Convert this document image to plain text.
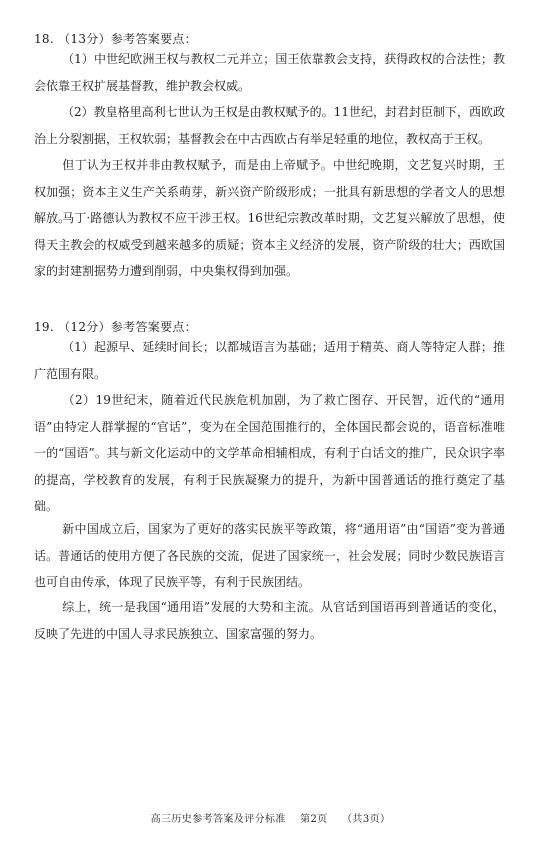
18. （13分）参考答案要点：
（1）中世纪欧洲王权与教权二元并立；国王依靠教会支持，获得政权的合法性；教会依靠王权扩展基督教，维护教会权威。
（2）教皇格里高利七世认为王权是由教权赋予的。11世纪，封君封臣制下，西欧政治上分裂割据，王权软弱；基督教会在中古西欧占有举足轻重的地位，教权高于王权。
但丁认为王权并非由教权赋予，而是由上帝赋予。中世纪晚期，文艺复兴时期，王权加强；资本主义生产关系萌芽，新兴资产阶级形成；一批具有新思想的学者文人的思想解放。
马丁·路德认为教权不应干涉王权。16世纪宗教改革时期，文艺复兴解放了思想，使得天主教会的权威受到越来越多的质疑；资本主义经济的发展，资产阶级的壮大；西欧国家的封建割据势力遭到削弱，中央集权得到加强。
19. （12分）参考答案要点：
（1）起源早、延续时间长；以都城语言为基础；适用于精英、商人等特定人群；推广范围有限。
（2）19世纪末，随着近代民族危机加剧，为了救亡图存、开民智，近代的“通用语”由特定人群掌握的“官话”，变为在全国范围推行的，全体国民都会说的，语音标准唯一的“国语”。其与新文化运动中的文学革命相辅相成，有利于白话文的推广，民众识字率的提高，学校教育的发展，有利于民族凝聚力的提升，为新中国普通话的推行奠定了基础。
新中国成立后，国家为了更好的落实民族平等政策，将“通用语”由“国语”变为普通话。普通话的使用方便了各民族的交流，促进了国家统一，社会发展；同时少数民族语言也可自由传承，体现了民族平等，有利于民族团结。
综上，统一是我国“通用语”发展的大势和主流。从官话到国语再到普通话的变化，反映了先进的中国人寻求民族独立、国家富强的努力。
高三历史参考答案及评分标准 第2页 （共3页）
